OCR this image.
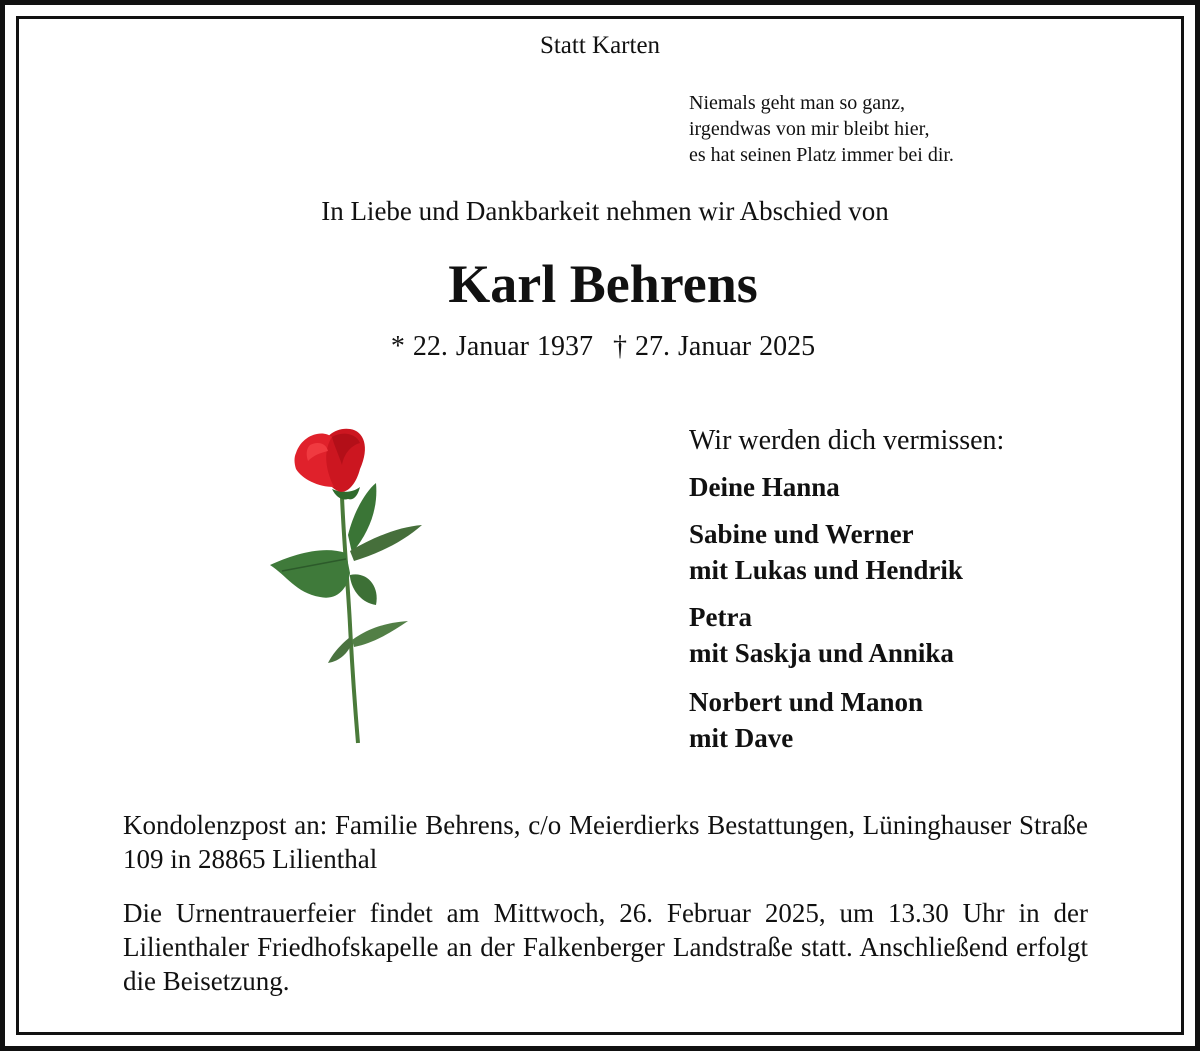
Statt Karten
Niemals geht man so ganz,
irgendwas von mir bleibt hier,
es hat seinen Platz immer bei dir.
In Liebe und Dankbarkeit nehmen wir Abschied von
Karl Behrens
* 22. Januar 1937 † 27. Januar 2025
Wir werden dich vermissen:
Deine Hanna
Sabine und Werner
mit Lukas und Hendrik
Petra
mit Saskja und Annika
Norbert und Manon
mit Dave
Kondolenzpost an: Familie Behrens, c/o Meierdierks Bestattungen, Lüninghauser Straße 109 in 28865 Lilienthal
Die Urnentrauerfeier findet am Mittwoch, 26. Februar 2025, um 13.30 Uhr in der Lilienthaler Friedhofskapelle an der Falkenberger Landstraße statt. Anschließend erfolgt die Beisetzung.
